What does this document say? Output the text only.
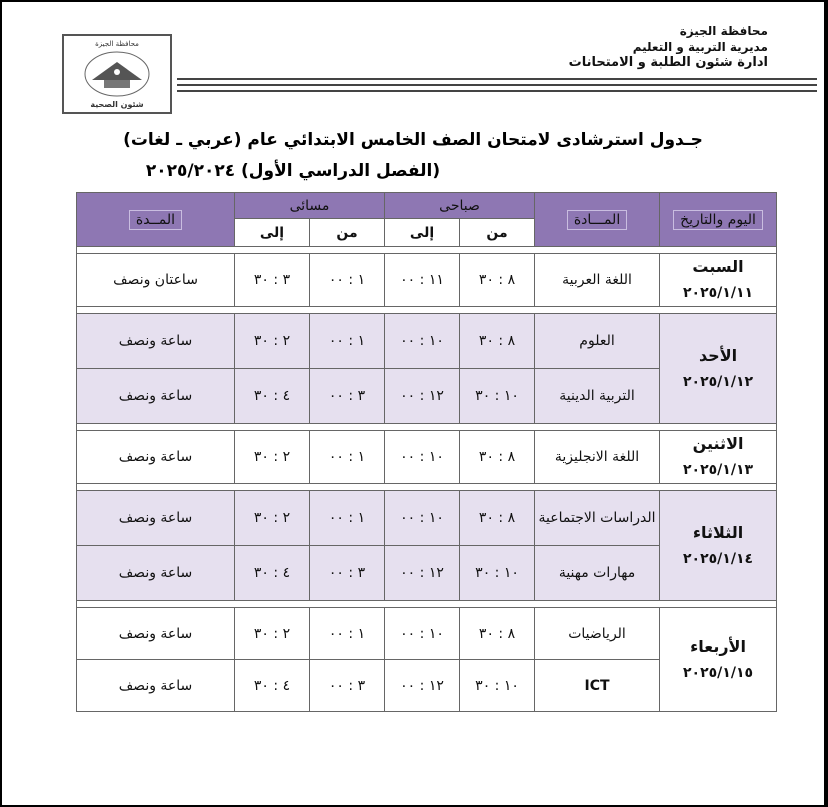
محافظة الجيزة
شئون الصحية
محافظة الجيزة
مديرية التربية و التعليم
ادارة شئون الطلبة و الامتحانات
جـدول استرشادى لامتحان الصف الخامس الابتدائي عام (عربي ـ لغات)
(الفصل الدراسي الأول) ٢٠٢٥/٢٠٢٤
اليوم والتاريخ	المـــادة	صباحى		مسائى		المــدة
		من	إلى	من	إلى	

السبت
٢٠٢٥/١/١١	اللغة العربية	٨ : ٣٠	١١ : ٠٠	١ : ٠٠	٣ : ٣٠	ساعتان ونصف

الأحد
٢٠٢٥/١/١٢	العلوم	٨ : ٣٠	١٠ : ٠٠	١ : ٠٠	٢ : ٣٠	ساعة ونصف
	التربية الدينية	١٠ : ٣٠	١٢ : ٠٠	٣ : ٠٠	٤ : ٣٠	ساعة ونصف

الاثنين
٢٠٢٥/١/١٣	اللغة الانجليزية	٨ : ٣٠	١٠ : ٠٠	١ : ٠٠	٢ : ٣٠	ساعة ونصف

الثلاثاء
٢٠٢٥/١/١٤	الدراسات الاجتماعية	٨ : ٣٠	١٠ : ٠٠	١ : ٠٠	٢ : ٣٠	ساعة ونصف
	مهارات مهنية	١٠ : ٣٠	١٢ : ٠٠	٣ : ٠٠	٤ : ٣٠	ساعة ونصف

الأربعاء
٢٠٢٥/١/١٥	الرياضيات	٨ : ٣٠	١٠ : ٠٠	١ : ٠٠	٢ : ٣٠	ساعة ونصف
	ICT	١٠ : ٣٠	١٢ : ٠٠	٣ : ٠٠	٤ : ٣٠	ساعة ونصف
